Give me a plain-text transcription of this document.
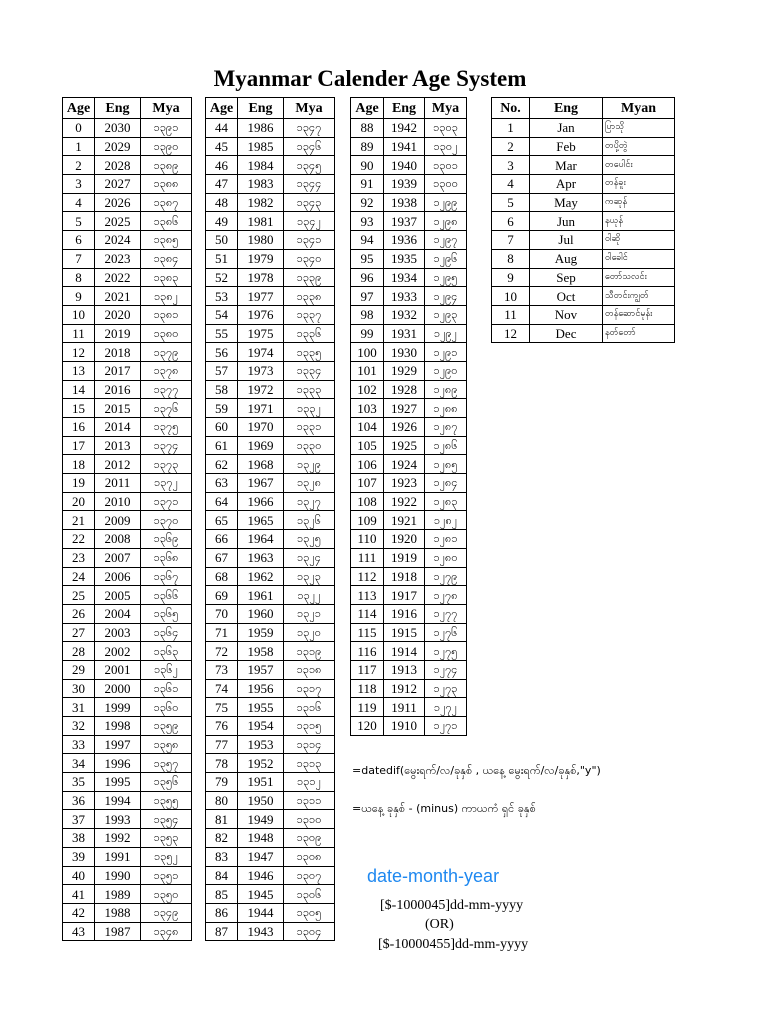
Myanmar Calender Age System
Age	Eng	Mya
0	2030	၁၃၉၁
1	2029	၁၃၉၀
2	2028	၁၃၈၉
3	2027	၁၃၈၈
4	2026	၁၃၈၇
5	2025	၁၃၈၆
6	2024	၁၃၈၅
7	2023	၁၃၈၄
8	2022	၁၃၈၃
9	2021	၁၃၈၂
10	2020	၁၃၈၁
11	2019	၁၃၈၀
12	2018	၁၃၇၉
13	2017	၁၃၇၈
14	2016	၁၃၇၇
15	2015	၁၃၇၆
16	2014	၁၃၇၅
17	2013	၁၃၇၄
18	2012	၁၃၇၃
19	2011	၁၃၇၂
20	2010	၁၃၇၁
21	2009	၁၃၇၀
22	2008	၁၃၆၉
23	2007	၁၃၆၈
24	2006	၁၃၆၇
25	2005	၁၃၆၆
26	2004	၁၃၆၅
27	2003	၁၃၆၄
28	2002	၁၃၆၃
29	2001	၁၃၆၂
30	2000	၁၃၆၁
31	1999	၁၃၆၀
32	1998	၁၃၅၉
33	1997	၁၃၅၈
34	1996	၁၃၅၇
35	1995	၁၃၅၆
36	1994	၁၃၅၅
37	1993	၁၃၅၄
38	1992	၁၃၅၃
39	1991	၁၃၅၂
40	1990	၁၃၅၁
41	1989	၁၃၅၀
42	1988	၁၃၄၉
43	1987	၁၃၄၈
Age	Eng	Mya
44	1986	၁၃၄၇
45	1985	၁၃၄၆
46	1984	၁၃၄၅
47	1983	၁၃၄၄
48	1982	၁၃၄၃
49	1981	၁၃၄၂
50	1980	၁၃၄၁
51	1979	၁၃၄၀
52	1978	၁၃၃၉
53	1977	၁၃၃၈
54	1976	၁၃၃၇
55	1975	၁၃၃၆
56	1974	၁၃၃၅
57	1973	၁၃၃၄
58	1972	၁၃၃၃
59	1971	၁၃၃၂
60	1970	၁၃၃၁
61	1969	၁၃၃၀
62	1968	၁၃၂၉
63	1967	၁၃၂၈
64	1966	၁၃၂၇
65	1965	၁၃၂၆
66	1964	၁၃၂၅
67	1963	၁၃၂၄
68	1962	၁၃၂၃
69	1961	၁၃၂၂
70	1960	၁၃၂၁
71	1959	၁၃၂၀
72	1958	၁၃၁၉
73	1957	၁၃၁၈
74	1956	၁၃၁၇
75	1955	၁၃၁၆
76	1954	၁၃၁၅
77	1953	၁၃၁၄
78	1952	၁၃၁၃
79	1951	၁၃၁၂
80	1950	၁၃၁၁
81	1949	၁၃၁၀
82	1948	၁၃၀၉
83	1947	၁၃၀၈
84	1946	၁၃၀၇
85	1945	၁၃၀၆
86	1944	၁၃၀၅
87	1943	၁၃၀၄
Age	Eng	Mya
88	1942	၁၃၀၃
89	1941	၁၃၀၂
90	1940	၁၃၀၁
91	1939	၁၃၀၀
92	1938	၁၂၉၉
93	1937	၁၂၉၈
94	1936	၁၂၉၇
95	1935	၁၂၉၆
96	1934	၁၂၉၅
97	1933	၁၂၉၄
98	1932	၁၂၉၃
99	1931	၁၂၉၂
100	1930	၁၂၉၁
101	1929	၁၂၉၀
102	1928	၁၂၈၉
103	1927	၁၂၈၈
104	1926	၁၂၈၇
105	1925	၁၂၈၆
106	1924	၁၂၈၅
107	1923	၁၂၈၄
108	1922	၁၂၈၃
109	1921	၁၂၈၂
110	1920	၁၂၈၁
111	1919	၁၂၈၀
112	1918	၁၂၇၉
113	1917	၁၂၇၈
114	1916	၁၂၇၇
115	1915	၁၂၇၆
116	1914	၁၂၇၅
117	1913	၁၂၇၄
118	1912	၁၂၇၃
119	1911	၁၂၇၂
120	1910	၁၂၇၁
No.	Eng	Myan
1	Jan	ပြာသို
2	Feb	တပို့တွဲ
3	Mar	တပေါင်း
4	Apr	တန်ခူး
5	May	ကဆုန်
6	Jun	နယုန်
7	Jul	ဝါဆို
8	Aug	ဝါခေါင်
9	Sep	တော်သလင်း
10	Oct	သီတင်းကျွတ်
11	Nov	တန်ဆောင်မုန်း
12	Dec	နတ်တော်
=datedif(မွေးရက်/လ/ခုနှစ် , ယနေ့ မွေးရက်/လ/ခုနှစ်,"y")
=ယနေ့ ခုနှစ် - (minus) ကာယကံ ရှင် ခုနှစ်
date-month-year
[$-1000045]dd-mm-yyyy
(OR)
[$-10000455]dd-mm-yyyy
